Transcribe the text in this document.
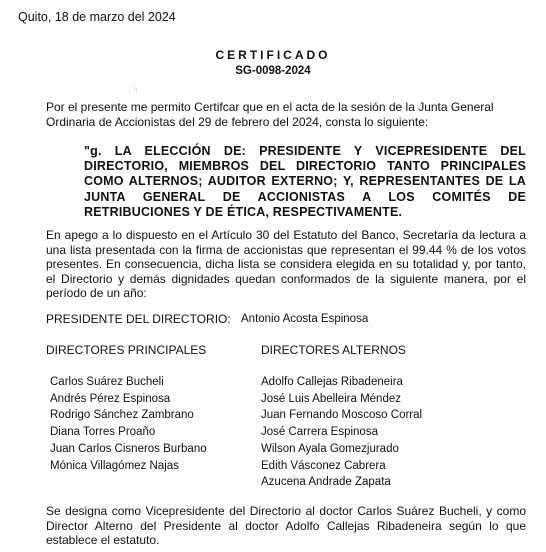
Quito, 18 de marzo del 2024
CERTIFICADO
SG-0098-2024
n
Por el presente me permito Certifcar que en el acta de la sesión de la Junta General Ordinaria de Accionistas del 29 de febrero del 2024, consta lo siguiente:
"g. LA ELECCIÓN DE: PRESIDENTE Y VICEPRESIDENTE DEL DIRECTORIO, MIEMBROS DEL DIRECTORIO TANTO PRINCIPALES COMO ALTERNOS; AUDITOR EXTERNO; Y, REPRESENTANTES DE LA JUNTA GENERAL DE ACCIONISTAS A LOS COMITÉS DE RETRIBUCIONES Y DE ÉTICA, RESPECTIVAMENTE.
En apego a lo dispuesto en el Artículo 30 del Estatuto del Banco, Secretaría da lectura a una lista presentada con la firma de accionistas que representan el 99.44 % de los votos presentes. En consecuencia, dicha lista se considera elegida en su totalidad y, por tanto, el Directorio y demás dignidades quedan conformados de la siguiente manera, por el período de un año:
PRESIDENTE DEL DIRECTORIO: Antonio Acosta Espinosa
DIRECTORES PRINCIPALES	DIRECTORES ALTERNOS
Carlos Suárez Bucheli
Andrés Pérez Espinosa
Rodrigo Sánchez Zambrano
Diana Torres Proaño
Juan Carlos Cisneros Burbano
Mónica Villagómez Najas
Adolfo Callejas Ribadeneira
José Luis Abelleira Méndez
Juan Fernando Moscoso Corral
José Carrera Espinosa
Wilson Ayala Gomezjurado
Edith Vásconez Cabrera
Azucena Andrade Zapata
Se designa como Vicepresidente del Directorio al doctor Carlos Suárez Bucheli, y como Director Alterno del Presidente al doctor Adolfo Callejas Ribadeneira según lo que establece el estatuto.
